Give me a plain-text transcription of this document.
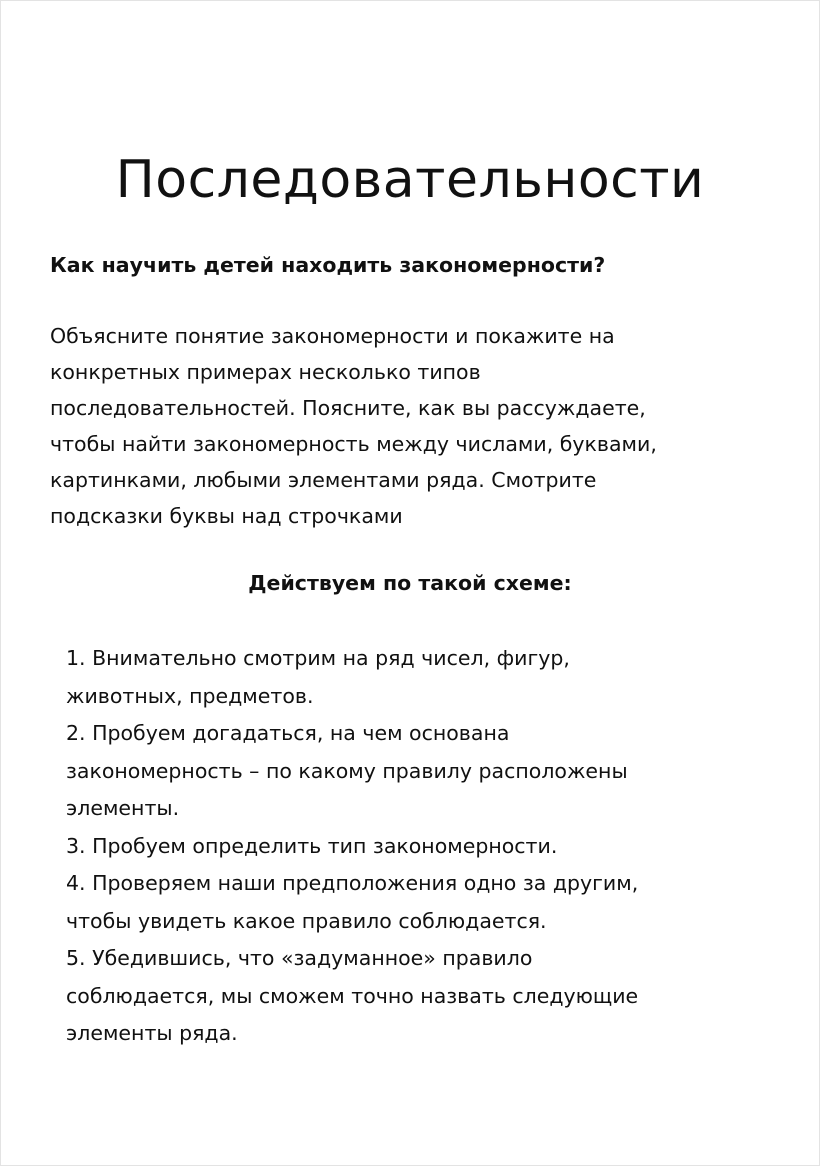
Последовательности
Как научить детей находить закономерности?

Объясните понятие закономерности и покажите на
конкретных примерах несколько типов
последовательностей. Поясните, как вы рассуждаете,
чтобы найти закономерность между числами, буквами,
картинками, любыми элементами ряда. Смотрите
подсказки буквы над строчками

Действуем по такой схеме:
1. Внимательно смотрим на ряд чисел, фигур,
животных, предметов.
2. Пробуем догадаться, на чем основана
закономерность – по какому правилу расположены
элементы.
3. Пробуем определить тип закономерности.
4. Проверяем наши предположения одно за другим,
чтобы увидеть какое правило соблюдается.
5. Убедившись, что «задуманное» правило
соблюдается, мы сможем точно назвать следующие
элементы ряда.
